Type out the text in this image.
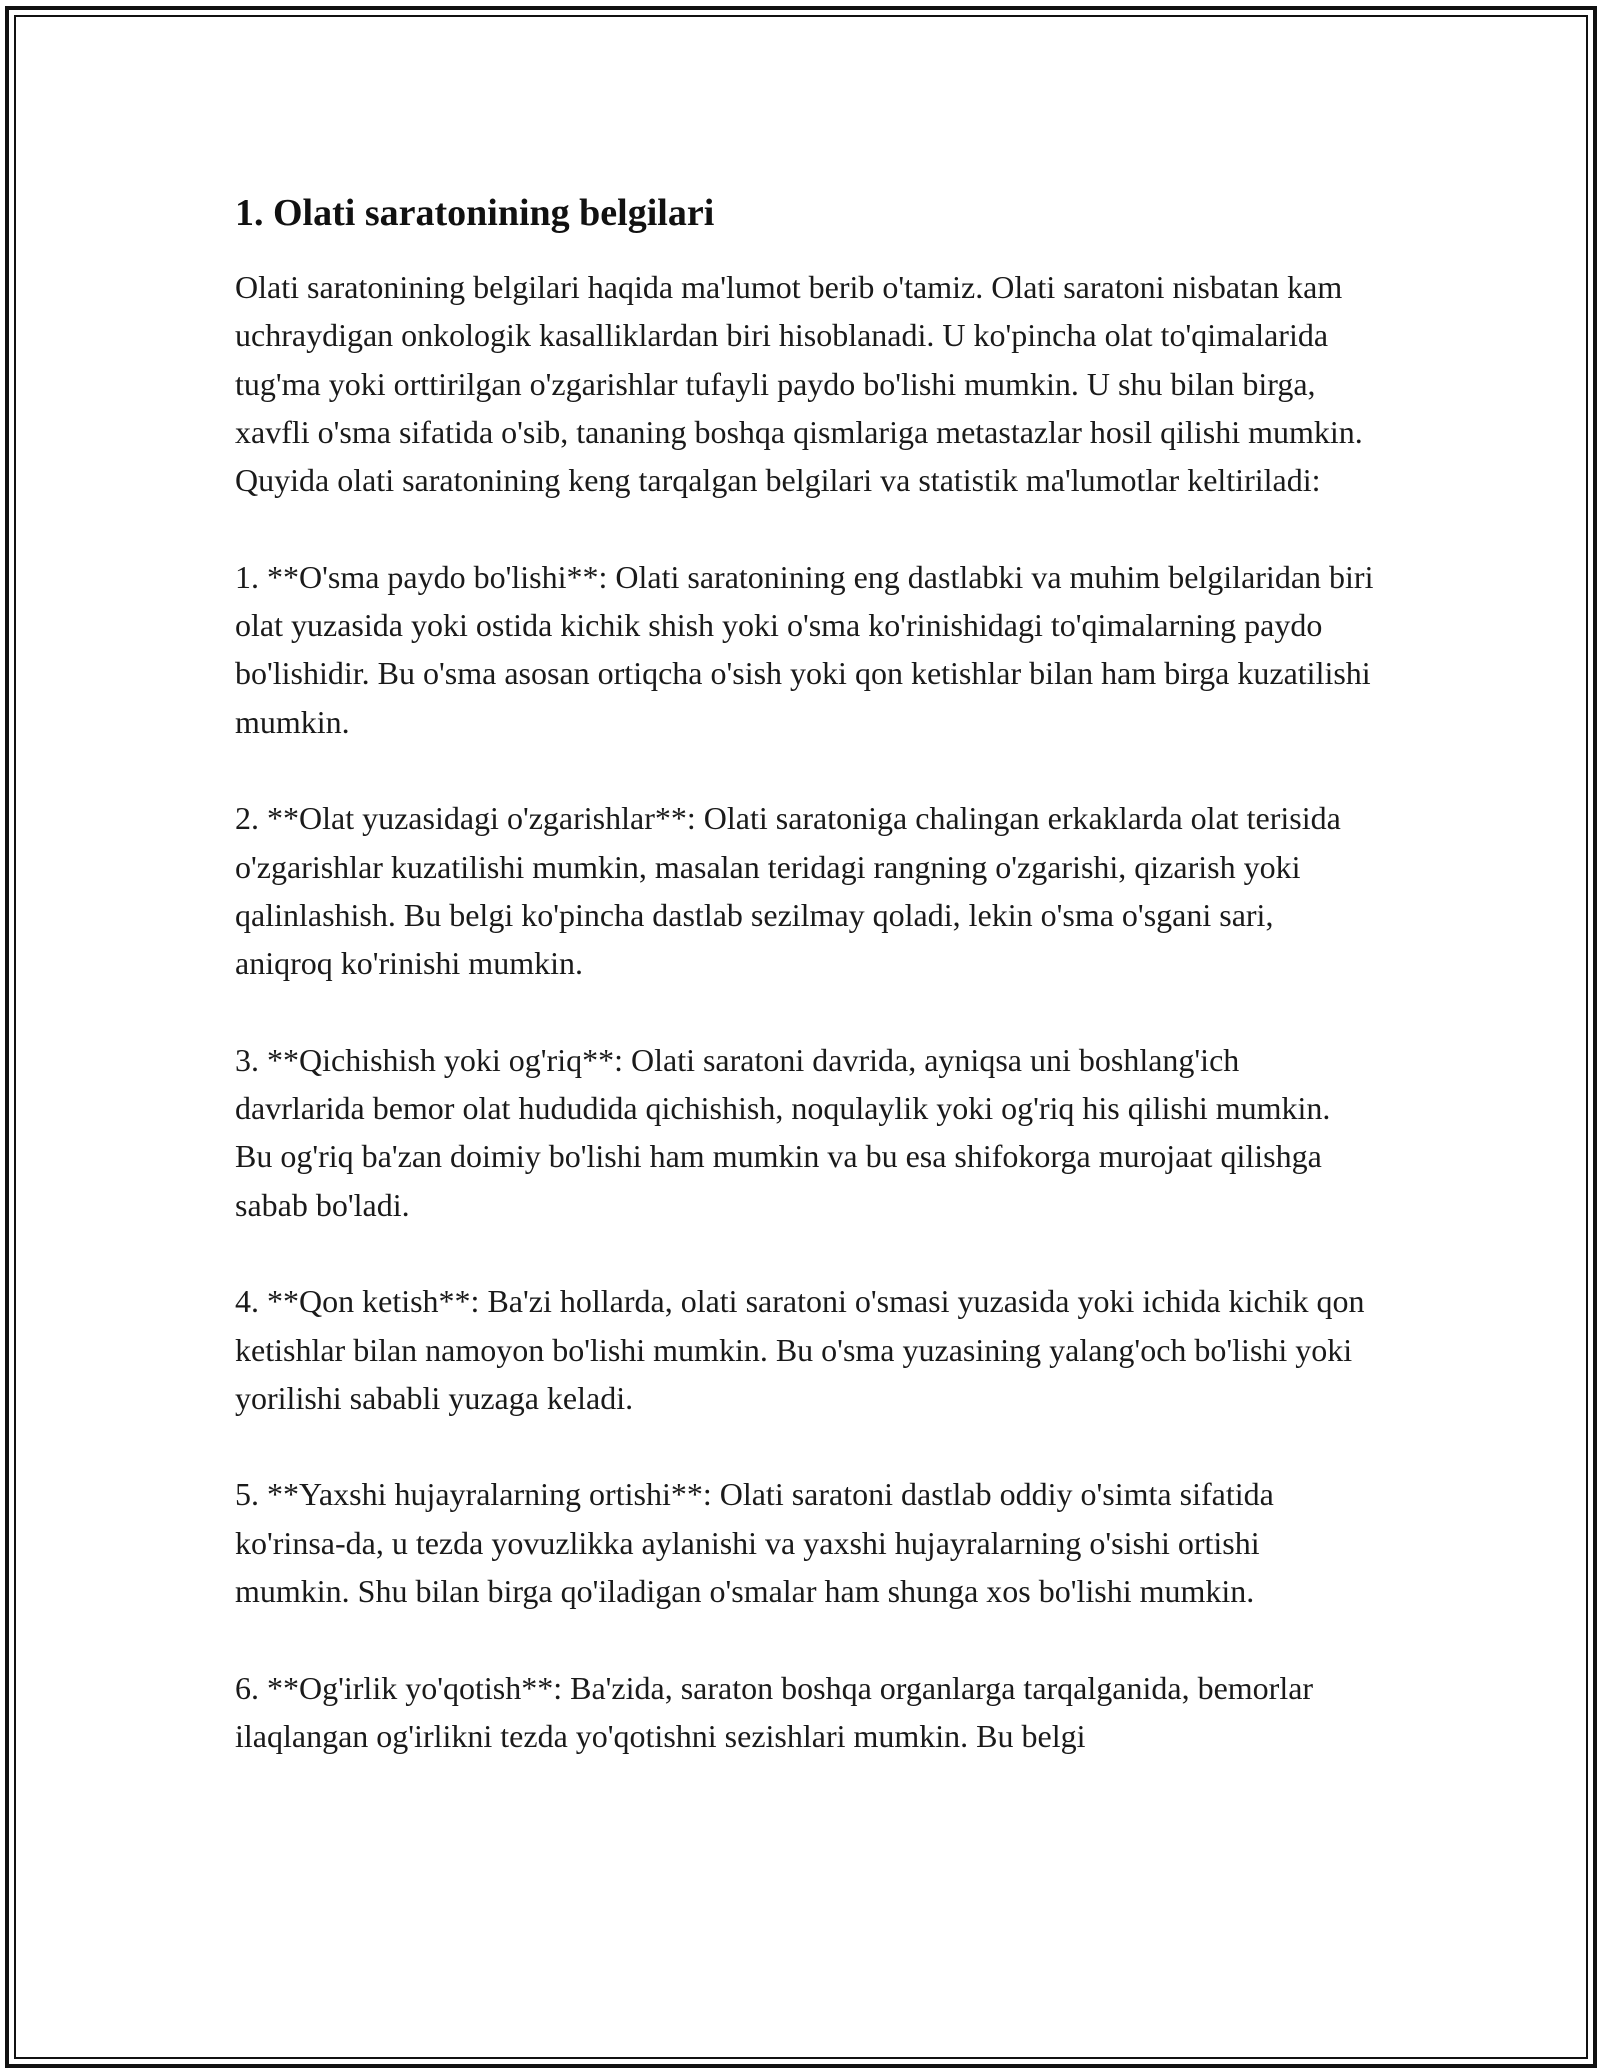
1. Olati saratonining belgilari

Olati saratonining belgilari haqida ma'lumot berib o'tamiz. Olati saratoni nisbatan kam uchraydigan onkologik kasalliklardan biri hisoblanadi. U ko'pincha olat to'qimalarida tug'ma yoki orttirilgan o'zgarishlar tufayli paydo bo'lishi mumkin. U shu bilan birga, xavfli o'sma sifatida o'sib, tananing boshqa qismlariga metastazlar hosil qilishi mumkin. Quyida olati saratonining keng tarqalgan belgilari va statistik ma'lumotlar keltiriladi:

1. **O'sma paydo bo'lishi**: Olati saratonining eng dastlabki va muhim belgilaridan biri olat yuzasida yoki ostida kichik shish yoki o'sma ko'rinishidagi to'qimalarning paydo bo'lishidir. Bu o'sma asosan ortiqcha o'sish yoki qon ketishlar bilan ham birga kuzatilishi mumkin.

2. **Olat yuzasidagi o'zgarishlar**: Olati saratoniga chalingan erkaklarda olat terisida o'zgarishlar kuzatilishi mumkin, masalan teridagi rangning o'zgarishi, qizarish yoki qalinlashish. Bu belgi ko'pincha dastlab sezilmay qoladi, lekin o'sma o'sgani sari, aniqroq ko'rinishi mumkin.

3. **Qichishish yoki og'riq**: Olati saratoni davrida, ayniqsa uni boshlang'ich davrlarida bemor olat hududida qichishish, noqulaylik yoki og'riq his qilishi mumkin. Bu og'riq ba'zan doimiy bo'lishi ham mumkin va bu esa shifokorga murojaat qilishga sabab bo'ladi.

4. **Qon ketish**: Ba'zi hollarda, olati saratoni o'smasi yuzasida yoki ichida kichik qon ketishlar bilan namoyon bo'lishi mumkin. Bu o'sma yuzasining yalang'och bo'lishi yoki yorilishi sababli yuzaga keladi.

5. **Yaxshi hujayralarning ortishi**: Olati saratoni dastlab oddiy o'simta sifatida ko'rinsa-da, u tezda yovuzlikka aylanishi va yaxshi hujayralarning o'sishi ortishi mumkin. Shu bilan birga qo'iladigan o'smalar ham shunga xos bo'lishi mumkin.

6. **Og'irlik yo'qotish**: Ba'zida, saraton boshqa organlarga tarqalganida, bemorlar ilaqlangan og'irlikni tezda yo'qotishni sezishlari mumkin. Bu belgi
